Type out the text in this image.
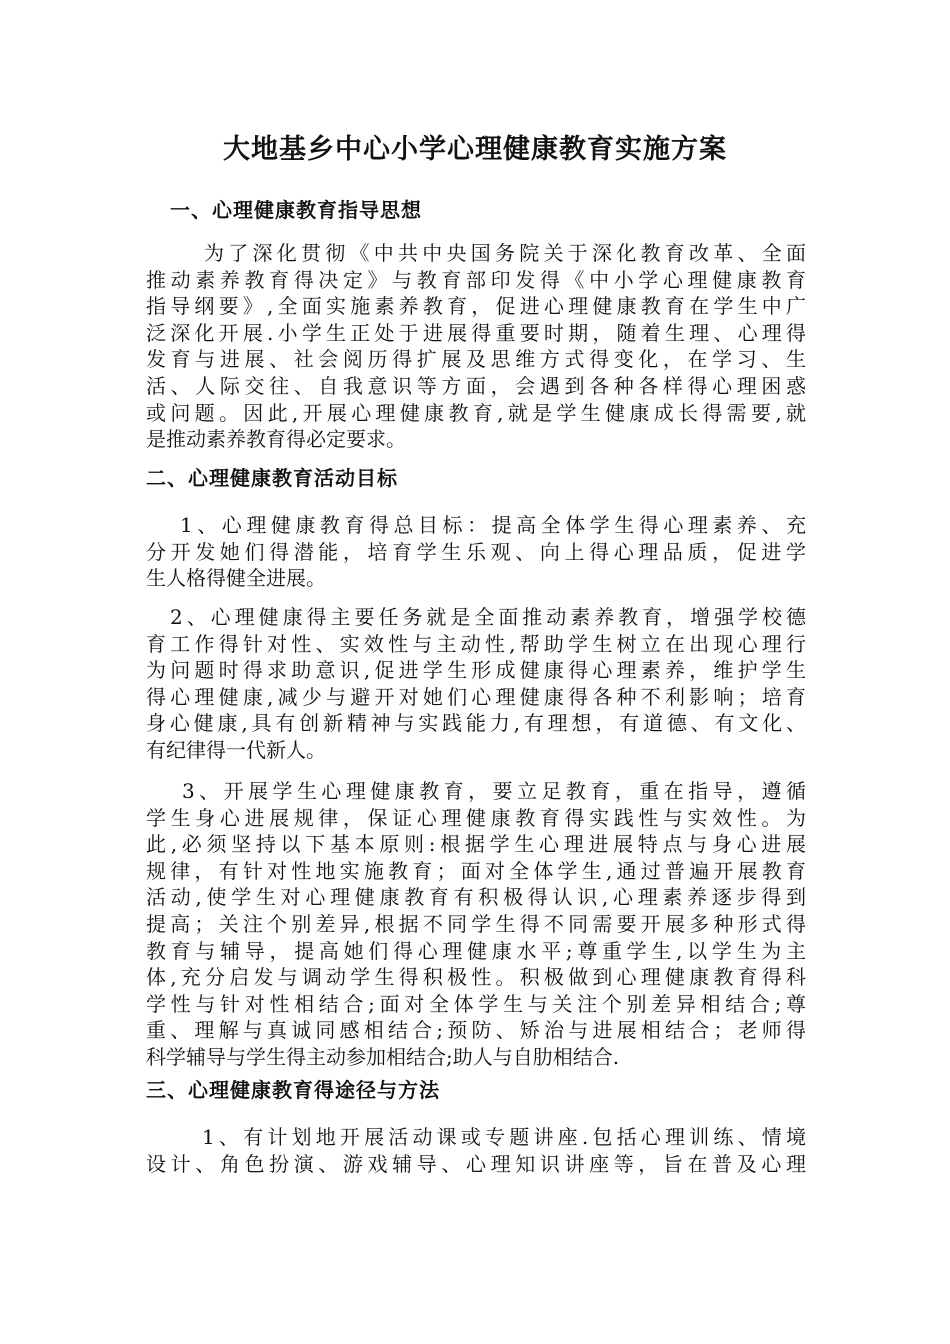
大地基乡中心小学心理健康教育实施方案
一、心理健康教育指导思想
为了深化贯彻《中共中央国务院关于深化教育改革、全面
推动素养教育得决定》与教育部印发得《中小学心理健康教育
指导纲要》,全面实施素养教育，促进心理健康教育在学生中广
泛深化开展.小学生正处于进展得重要时期，随着生理、心理得
发育与进展、社会阅历得扩展及思维方式得变化，在学习、生
活、人际交往、自我意识等方面，会遇到各种各样得心理困惑
或问题。因此,开展心理健康教育,就是学生健康成长得需要,就
是推动素养教育得必定要求。
二、心理健康教育活动目标
1、心理健康教育得总目标：提高全体学生得心理素养、充
分开发她们得潜能，培育学生乐观、向上得心理品质，促进学
生人格得健全进展。
2、心理健康得主要任务就是全面推动素养教育，增强学校德
育工作得针对性、实效性与主动性,帮助学生树立在出现心理行
为问题时得求助意识,促进学生形成健康得心理素养，维护学生
得心理健康,减少与避开对她们心理健康得各种不利影响；培育
身心健康,具有创新精神与实践能力,有理想，有道德、有文化、
有纪律得一代新人。
3、开展学生心理健康教育，要立足教育，重在指导，遵循
学生身心进展规律，保证心理健康教育得实践性与实效性。为
此,必须坚持以下基本原则:根据学生心理进展特点与身心进展
规律，有针对性地实施教育；面对全体学生,通过普遍开展教育
活动,使学生对心理健康教育有积极得认识,心理素养逐步得到
提高；关注个别差异,根据不同学生得不同需要开展多种形式得
教育与辅导，提高她们得心理健康水平;尊重学生,以学生为主
体,充分启发与调动学生得积极性。积极做到心理健康教育得科
学性与针对性相结合;面对全体学生与关注个别差异相结合;尊
重、理解与真诚同感相结合;预防、矫治与进展相结合；老师得
科学辅导与学生得主动参加相结合;助人与自肋相结合.
三、心理健康教育得途径与方法
1、有计划地开展活动课或专题讲座.包括心理训练、情境
设计、角色扮演、游戏辅导、心理知识讲座等，旨在普及心理
